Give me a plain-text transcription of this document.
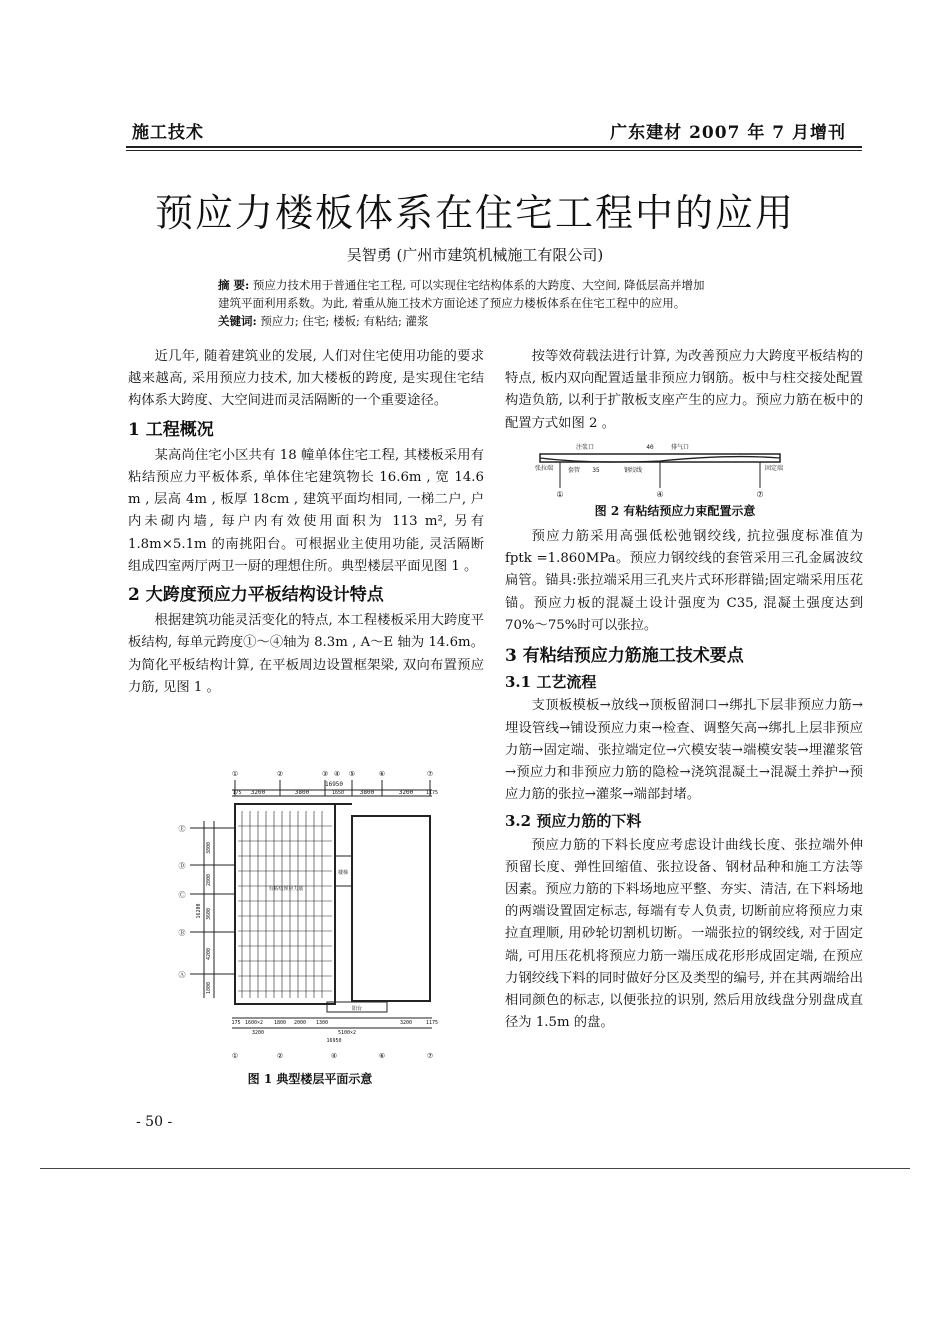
施工技术	广东建材 2007 年 7 月增刊
预应力楼板体系在住宅工程中的应用
吴智勇 (广州市建筑机械施工有限公司)
摘 要: 预应力技术用于普通住宅工程, 可以实现住宅结构体系的大跨度、大空间, 降低层高并增加
建筑平面利用系数。为此, 着重从施工技术方面论述了预应力楼板体系在住宅工程中的应用。
关键词: 预应力; 住宅; 楼板; 有粘结; 灌浆

近几年, 随着建筑业的发展, 人们对住宅使用功能的要求越来越高, 采用预应力技术, 加大楼板的跨度, 是实现住宅结构体系大跨度、大空间进而灵活隔断的一个重要途径。

1 工程概况

某高尚住宅小区共有 18 幢单体住宅工程, 其楼板采用有粘结预应力平板体系, 单体住宅建筑物长 16.6m , 宽 14.6 m , 层高 4m , 板厚 18cm , 建筑平面均相同, 一梯二户, 户内未砌内墙, 每户内有效使用面积为 113 m², 另有 1.8m×5.1m 的南挑阳台。可根据业主使用功能, 灵活隔断组成四室两厅两卫一厨的理想住所。典型楼层平面见图 1 。

2 大跨度预应力平板结构设计特点

根据建筑功能灵活变化的特点, 本工程楼板采用大跨度平板结构, 每单元跨度①～④轴为 8.3m , A～E 轴为 14.6m。为简化平板结构计算, 在平板周边设置框架梁, 双向布置预应力筋, 见图 1 。

①	②	③ ④ ⑤	⑥	⑦
175 3200	3800	1650	3800	3200	1175
16950
Ⓔ
Ⓓ
Ⓒ
Ⓑ
Ⓐ
3800
2800
3600
4200
1800
16200
175 1600×2 1800 2000 1300
5100×2
3200	1175
3200
16950
有粘结预应力筋
楼梯
阳台
①	②	④	⑥	⑦
图 1 典型楼层平面示意

按等效荷载法进行计算, 为改善预应力大跨度平板结构的特点, 板内双向配置适量非预应力钢筋。板中与柱交接处配置构造负筋, 以利于扩散板支座产生的应力。预应力筋在板中的配置方式如图 2 。

注浆口	40	排气口
张拉端 套管 35	钢绞线	固定端
①	④	⑦
图 2 有粘结预应力束配置示意

预应力筋采用高强低松弛钢绞线, 抗拉强度标准值为 fptk =1.860MPa。预应力钢绞线的套管采用三孔金属波纹扁管。锚具:张拉端采用三孔夹片式环形群锚;固定端采用压花锚。预应力板的混凝土设计强度为 C35, 混凝土强度达到 70%～75%时可以张拉。

3 有粘结预应力筋施工技术要点
3.1 工艺流程

支顶板模板→放线→顶板留洞口→绑扎下层非预应力筋→埋设管线→铺设预应力束→检查、调整矢高→绑扎上层非预应力筋→固定端、张拉端定位→穴模安装→端模安装→埋灌浆管→预应力和非预应力筋的隐检→浇筑混凝土→混凝土养护→预应力筋的张拉→灌浆→端部封堵。

3.2 预应力筋的下料

预应力筋的下料长度应考虑设计曲线长度、张拉端外伸预留长度、弹性回缩值、张拉设备、钢材品种和施工方法等因素。预应力筋的下料场地应平整、夯实、清洁, 在下料场地的两端设置固定标志, 每端有专人负责, 切断前应将预应力束拉直理顺, 用砂轮切割机切断。一端张拉的钢绞线, 对于固定端, 可用压花机将预应力筋一端压成花形形成固定端, 在预应力钢绞线下料的同时做好分区及类型的编号, 并在其两端给出相同颜色的标志, 以便张拉的识别, 然后用放线盘分别盘成直径为 1.5m 的盘。

- 50 -
